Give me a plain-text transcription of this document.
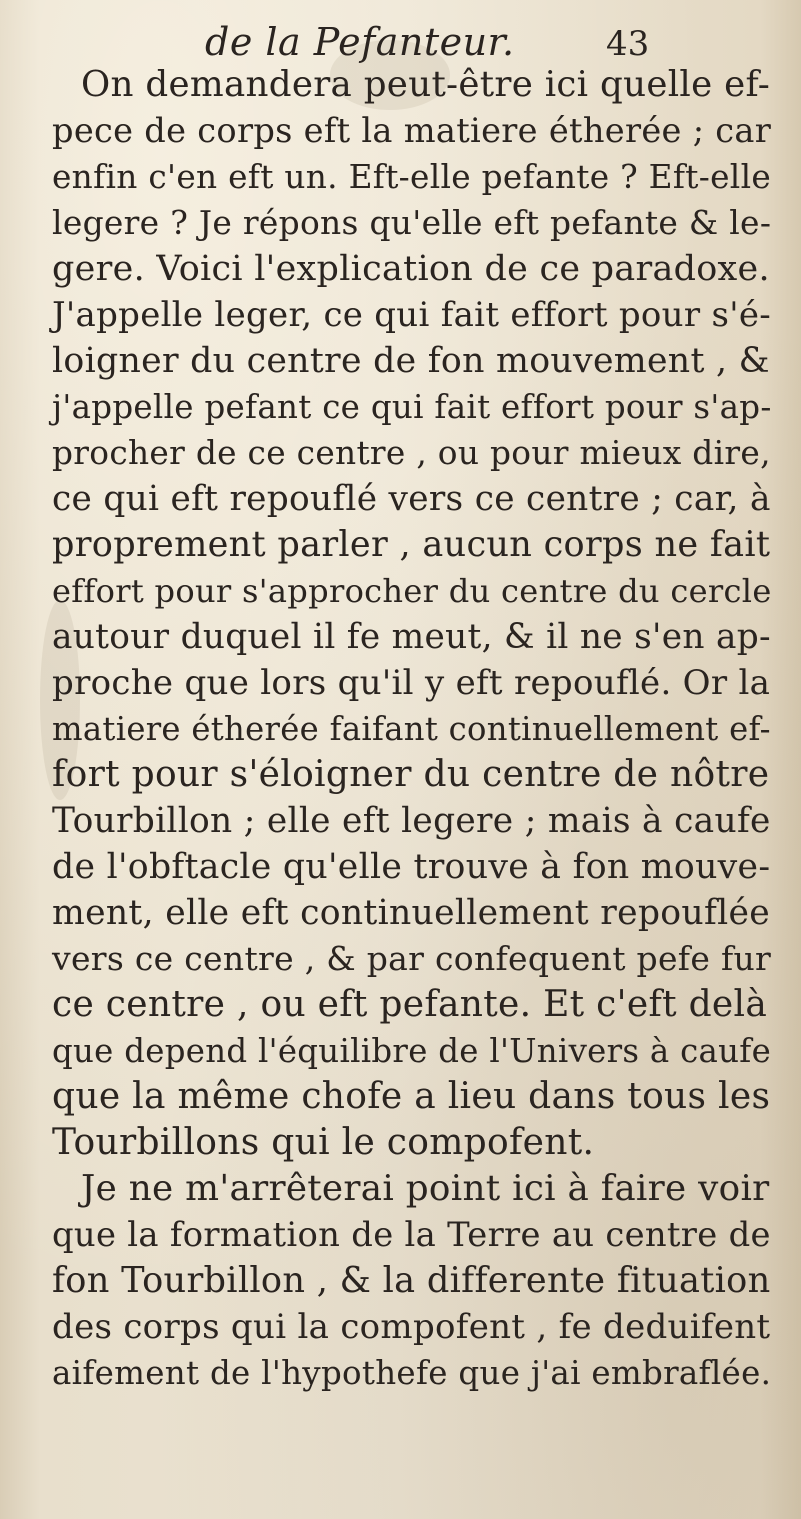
de la Pefanteur.	43
On demandera peut-être ici quelle ef-
pece de corps eft la matiere étherée ; car
enfin c'en eft un. Eft-elle pefante ? Eft-elle
legere ? Je répons qu'elle eft pefante & le-
gere. Voici l'explication de ce paradoxe.
J'appelle leger, ce qui fait effort pour s'é-
loigner du centre de fon mouvement , &
j'appelle pefant ce qui fait effort pour s'ap-
procher de ce centre , ou pour mieux dire,
ce qui eft repouflé vers ce centre ; car, à
proprement parler , aucun corps ne fait
effort pour s'approcher du centre du cercle
autour duquel il fe meut, & il ne s'en ap-
proche que lors qu'il y eft repouflé. Or la
matiere étherée faifant continuellement ef-
fort pour s'éloigner du centre de nôtre
Tourbillon ; elle eft legere ; mais à caufe
de l'obftacle qu'elle trouve à fon mouve-
ment, elle eft continuellement repouflée
vers ce centre , & par confequent pefe fur
ce centre , ou eft pefante. Et c'eft delà
que depend l'équilibre de l'Univers à caufe
que la même chofe a lieu dans tous les
Tourbillons qui le compofent.
Je ne m'arrêterai point ici à faire voir
que la formation de la Terre au centre de
fon Tourbillon , & la differente fituation
des corps qui la compofent , fe deduifent
aifement de l'hypothefe que j'ai embraflée.
